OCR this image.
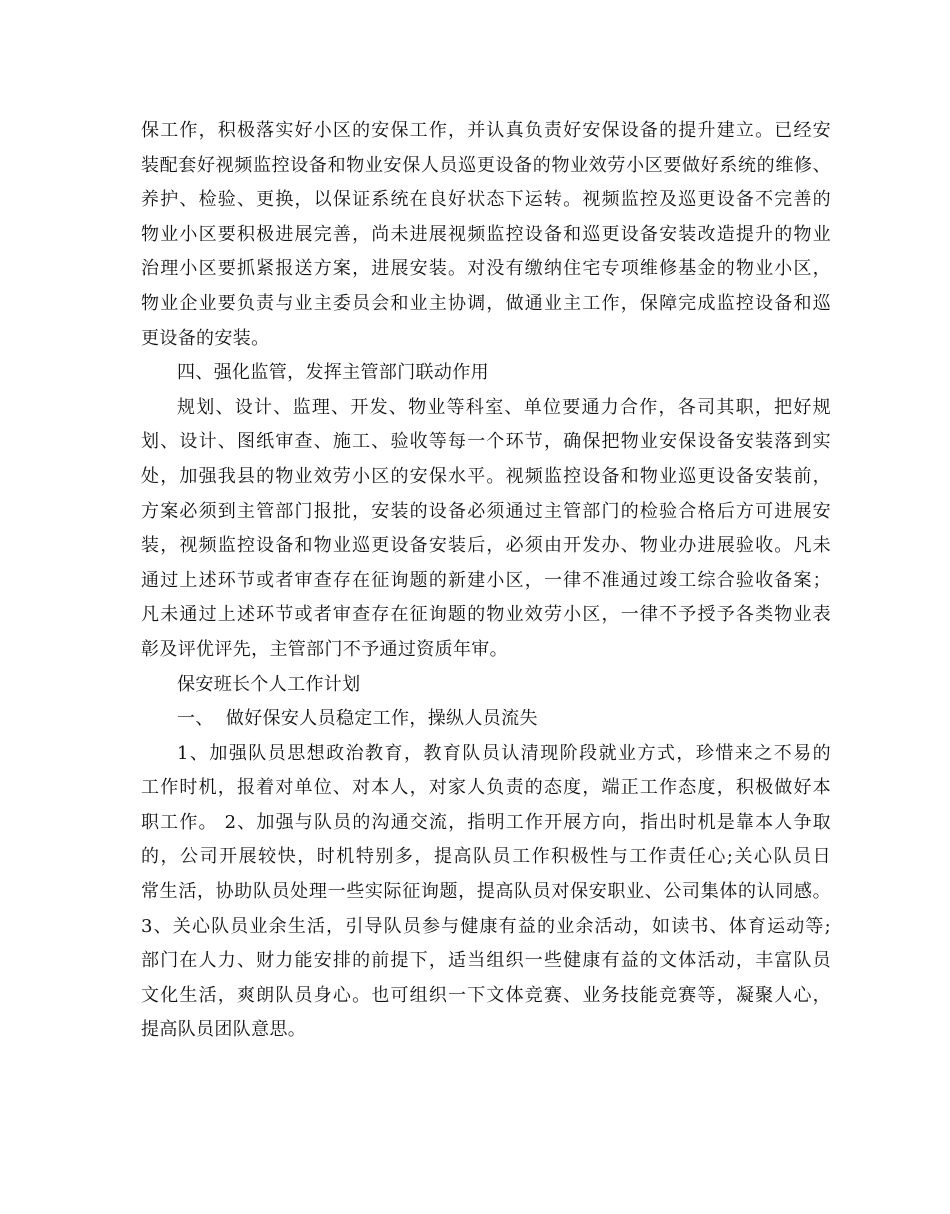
保工作，积极落实好小区的安保工作，并认真负责好安保设备的提升建立。已经安
装配套好视频监控设备和物业安保人员巡更设备的物业效劳小区要做好系统的维修、
养护、检验、更换，以保证系统在良好状态下运转。视频监控及巡更设备不完善的
物业小区要积极进展完善，尚未进展视频监控设备和巡更设备安装改造提升的物业
治理小区要抓紧报送方案，进展安装。对没有缴纳住宅专项维修基金的物业小区，
物业企业要负责与业主委员会和业主协调，做通业主工作，保障完成监控设备和巡
更设备的安装。
四、强化监管，发挥主管部门联动作用
规划、设计、监理、开发、物业等科室、单位要通力合作，各司其职，把好规
划、设计、图纸审查、施工、验收等每一个环节，确保把物业安保设备安装落到实
处，加强我县的物业效劳小区的安保水平。视频监控设备和物业巡更设备安装前，
方案必须到主管部门报批，安装的设备必须通过主管部门的检验合格后方可进展安
装，视频监控设备和物业巡更设备安装后，必须由开发办、物业办进展验收。凡未
通过上述环节或者审查存在征询题的新建小区，一律不准通过竣工综合验收备案；
凡未通过上述环节或者审查存在征询题的物业效劳小区，一律不予授予各类物业表
彰及评优评先，主管部门不予通过资质年审。
保安班长个人工作计划
一、  做好保安人员稳定工作，操纵人员流失
1、加强队员思想政治教育，教育队员认清现阶段就业方式，珍惜来之不易的
工作时机，报着对单位、对本人，对家人负责的态度，端正工作态度，积极做好本
职工作。 2、加强与队员的沟通交流，指明工作开展方向，指出时机是靠本人争取
的，公司开展较快，时机特别多，提高队员工作积极性与工作责任心;关心队员日
常生活，协助队员处理一些实际征询题，提高队员对保安职业、公司集体的认同感。
3、关心队员业余生活，引导队员参与健康有益的业余活动，如读书、体育运动等;
部门在人力、财力能安排的前提下，适当组织一些健康有益的文体活动，丰富队员
文化生活，爽朗队员身心。也可组织一下文体竞赛、业务技能竞赛等，凝聚人心，
提高队员团队意思。
